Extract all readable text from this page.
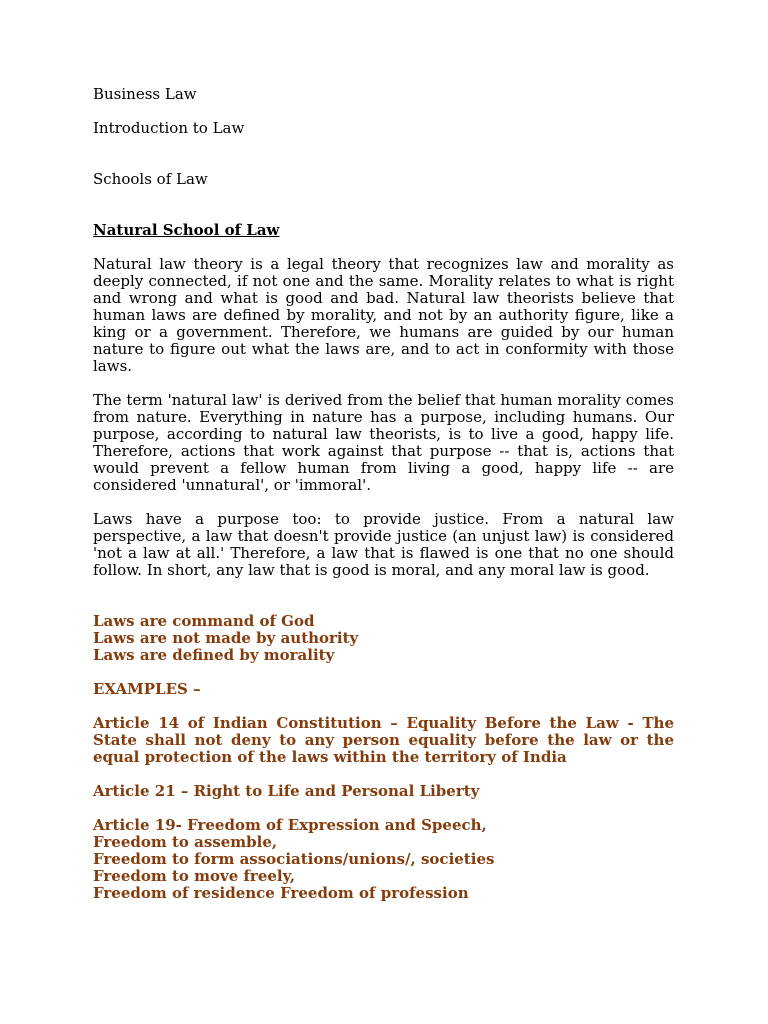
Business Law

Introduction to Law

Schools of Law

Natural School of Law

Natural law theory is a legal theory that recognizes law and morality as deeply connected, if not one and the same. Morality relates to what is right and wrong and what is good and bad. Natural law theorists believe that human laws are defined by morality, and not by an authority figure, like a king or a government. Therefore, we humans are guided by our human nature to figure out what the laws are, and to act in conformity with those laws.

The term 'natural law' is derived from the belief that human morality comes from nature. Everything in nature has a purpose, including humans. Our purpose, according to natural law theorists, is to live a good, happy life. Therefore, actions that work against that purpose -- that is, actions that would prevent a fellow human from living a good, happy life -- are considered 'unnatural', or 'immoral'.

Laws have a purpose too: to provide justice. From a natural law perspective, a law that doesn't provide justice (an unjust law) is considered 'not a law at all.' Therefore, a law that is flawed is one that no one should follow. In short, any law that is good is moral, and any moral law is good.

Laws are command of God

Laws are not made by authority

Laws are defined by morality

EXAMPLES –

Article 14 of Indian Constitution – Equality Before the Law - The State shall not deny to any person equality before the law or the equal protection of the laws within the territory of India

Article 21 – Right to Life and Personal Liberty

Article 19- Freedom of Expression and Speech,

Freedom to assemble,

Freedom to form associations/unions/, societies

Freedom to move freely,

Freedom of residence Freedom of profession
